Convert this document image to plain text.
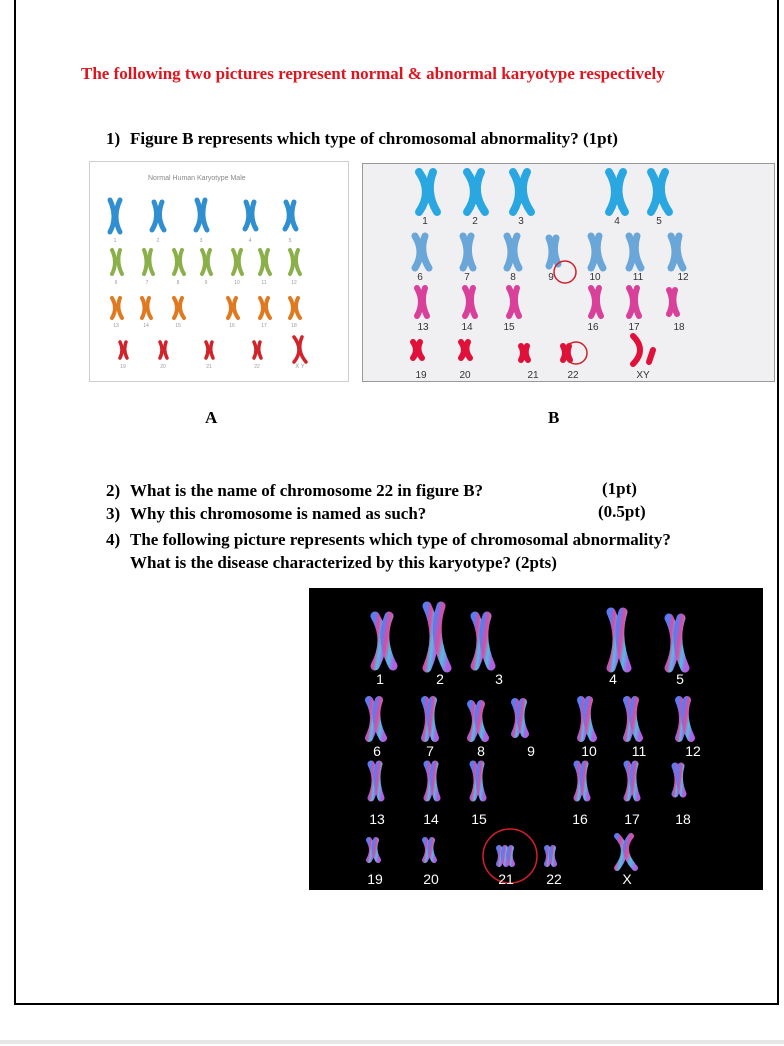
The following two pictures represent normal & abnormal karyotype respectively
1) Figure B represents which type of chromosomal abnormality? (1pt)
Normal Human Karyotype Male
1	2	3	4	5
6	7	8	9	10	11	12
13	14	15	16	17	18
19	20	21	22	X Y
1	2	3	4	5
6	7	8	9	10	11	12
13	14	15	16	17	18
19	20	21	22	XY
A	B
2) What is the name of chromosome 22 in figure B?	(1pt)
3) Why this chromosome is named as such?	(0.5pt)
4) The following picture represents which type of chromosomal abnormality? What is the disease characterized by this karyotype? (2pts)
1	2	3	4	5
6	7	8	9	10 11	12
13	14 15	16	17	18
19	20	21 22	X
